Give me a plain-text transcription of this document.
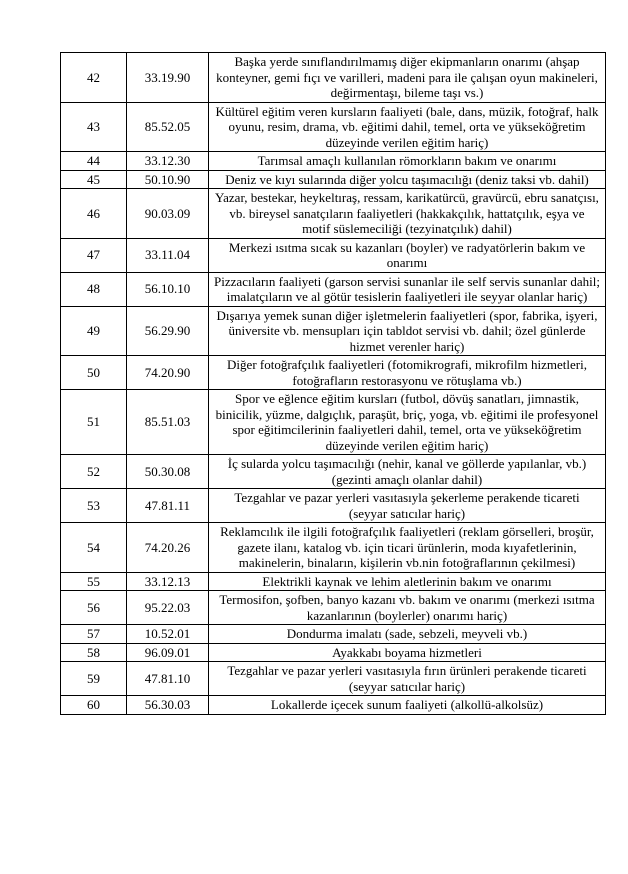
42	33.19.90	Başka yerde sınıflandırılmamış diğer ekipmanların onarımı (ahşap konteyner, gemi fıçı ve varilleri, madeni para ile çalışan oyun makineleri, değirmentaşı, bileme taşı vs.)
43	85.52.05	Kültürel eğitim veren kursların faaliyeti (bale, dans, müzik, fotoğraf, halk oyunu, resim, drama, vb. eğitimi dahil, temel, orta ve yükseköğretim düzeyinde verilen eğitim hariç)
44	33.12.30	Tarımsal amaçlı kullanılan römorkların bakım ve onarımı
45	50.10.90	Deniz ve kıyı sularında diğer yolcu taşımacılığı (deniz taksi vb. dahil)
46	90.03.09	Yazar, bestekar, heykeltıraş, ressam, karikatürcü, gravürcü, ebru sanatçısı, vb. bireysel sanatçıların faaliyetleri (hakkakçılık, hattatçılık, eşya ve motif süslemeciliği (tezyinatçılık) dahil)
47	33.11.04	Merkezi ısıtma sıcak su kazanları (boyler) ve radyatörlerin bakım ve onarımı
48	56.10.10	Pizzacıların faaliyeti (garson servisi sunanlar ile self servis sunanlar dahil; imalatçıların ve al götür tesislerin faaliyetleri ile seyyar olanlar hariç)
49	56.29.90	Dışarıya yemek sunan diğer işletmelerin faaliyetleri (spor, fabrika, işyeri, üniversite vb. mensupları için tabldot servisi vb. dahil; özel günlerde hizmet verenler hariç)
50	74.20.90	Diğer fotoğrafçılık faaliyetleri (fotomikrografi, mikrofilm hizmetleri, fotoğrafların restorasyonu ve rötuşlama vb.)
51	85.51.03	Spor ve eğlence eğitim kursları (futbol, dövüş sanatları, jimnastik, binicilik, yüzme, dalgıçlık, paraşüt, briç, yoga, vb. eğitimi ile profesyonel spor eğitimcilerinin faaliyetleri dahil, temel, orta ve yükseköğretim düzeyinde verilen eğitim hariç)
52	50.30.08	İç sularda yolcu taşımacılığı (nehir, kanal ve göllerde yapılanlar, vb.) (gezinti amaçlı olanlar dahil)
53	47.81.11	Tezgahlar ve pazar yerleri vasıtasıyla şekerleme perakende ticareti (seyyar satıcılar hariç)
54	74.20.26	Reklamcılık ile ilgili fotoğrafçılık faaliyetleri (reklam görselleri, broşür, gazete ilanı, katalog vb. için ticari ürünlerin, moda kıyafetlerinin, makinelerin, binaların, kişilerin vb.nin fotoğraflarının çekilmesi)
55	33.12.13	Elektrikli kaynak ve lehim aletlerinin bakım ve onarımı
56	95.22.03	Termosifon, şofben, banyo kazanı vb. bakım ve onarımı (merkezi ısıtma kazanlarının (boylerler) onarımı hariç)
57	10.52.01	Dondurma imalatı (sade, sebzeli, meyveli vb.)
58	96.09.01	Ayakkabı boyama hizmetleri
59	47.81.10	Tezgahlar ve pazar yerleri vasıtasıyla fırın ürünleri perakende ticareti (seyyar satıcılar hariç)
60	56.30.03	Lokallerde içecek sunum faaliyeti (alkollü-alkolsüz)
